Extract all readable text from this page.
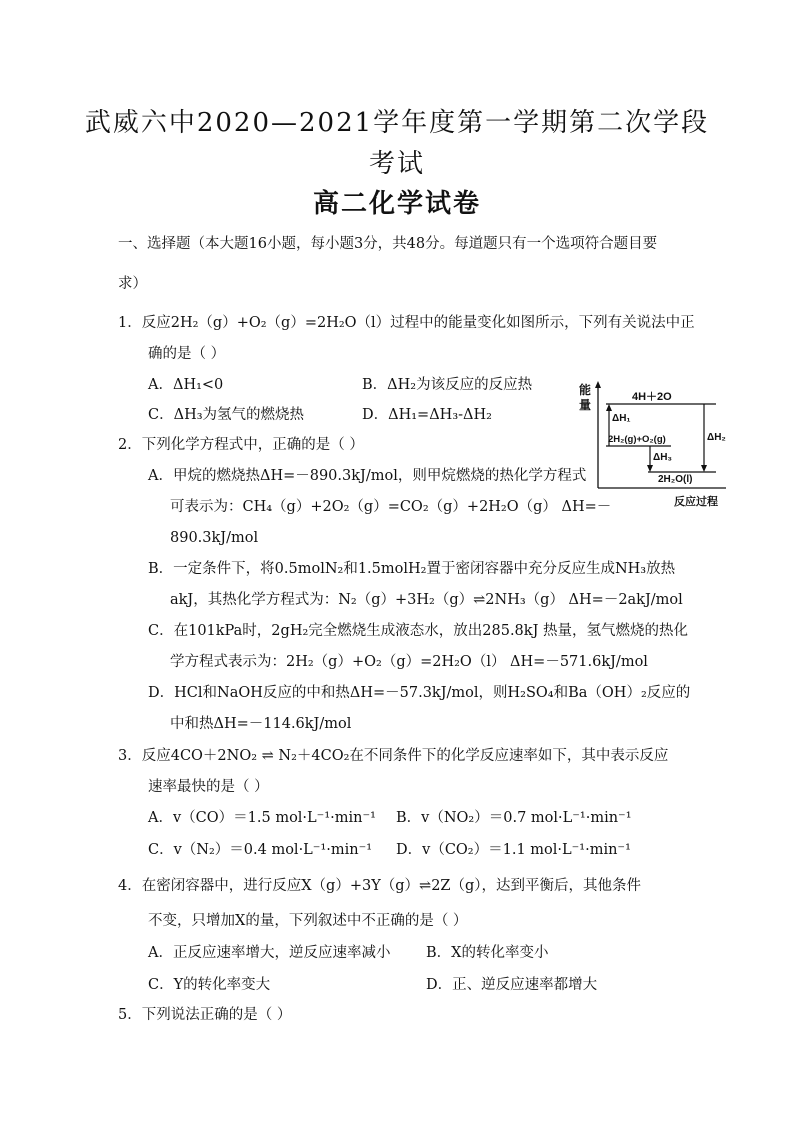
武威六中2020—2021学年度第一学期第二次学段
考试
高二化学试卷
一、选择题（本大题16小题，每小题3分，共48分。每道题只有一个选项符合题目要
求）
1．反应2H₂（g）+O₂（g）=2H₂O（l）过程中的能量变化如图所示，下列有关说法中正
确的是（ ）
A．ΔH₁<0	B．ΔH₂为该反应的反应热
C．ΔH₃为氢气的燃烧热	D．ΔH₁=ΔH₃-ΔH₂
能
量
4H＋2O
2H₂(g)+O₂(g)
2H₂O(l)
ΔH₁
ΔH₃
ΔH₂
反应过程
2．下列化学方程式中，正确的是（ ）
A．甲烷的燃烧热ΔH=－890.3kJ/mol，则甲烷燃烧的热化学方程式
可表示为：CH₄（g）+2O₂（g）=CO₂（g）+2H₂O（g） ΔH=－
890.3kJ/mol
B．一定条件下，将0.5molN₂和1.5molH₂置于密闭容器中充分反应生成NH₃放热
akJ，其热化学方程式为：N₂（g）+3H₂（g）⇌2NH₃（g） ΔH=－2akJ/mol
C．在101kPa时，2gH₂完全燃烧生成液态水，放出285.8kJ 热量，氢气燃烧的热化
学方程式表示为：2H₂（g）+O₂（g）=2H₂O（l） ΔH=－571.6kJ/mol
D．HCl和NaOH反应的中和热ΔH=－57.3kJ/mol，则H₂SO₄和Ba（OH）₂反应的
中和热ΔH=－114.6kJ/mol
3．反应4CO＋2NO₂ ⇌ N₂＋4CO₂在不同条件下的化学反应速率如下，其中表示反应
速率最快的是（ ）
A．v（CO）＝1.5 mol·L⁻¹·min⁻¹ B．v（NO₂）＝0.7 mol·L⁻¹·min⁻¹
C．v（N₂）＝0.4 mol·L⁻¹·min⁻¹ D．v（CO₂）＝1.1 mol·L⁻¹·min⁻¹
4．在密闭容器中，进行反应X（g）+3Y（g）⇌2Z（g），达到平衡后，其他条件
不变，只增加X的量，下列叙述中不正确的是（ ）
A．正反应速率增大，逆反应速率减小 B．X的转化率变小
C．Y的转化率变大	D．正、逆反应速率都增大
5．下列说法正确的是（ ）
